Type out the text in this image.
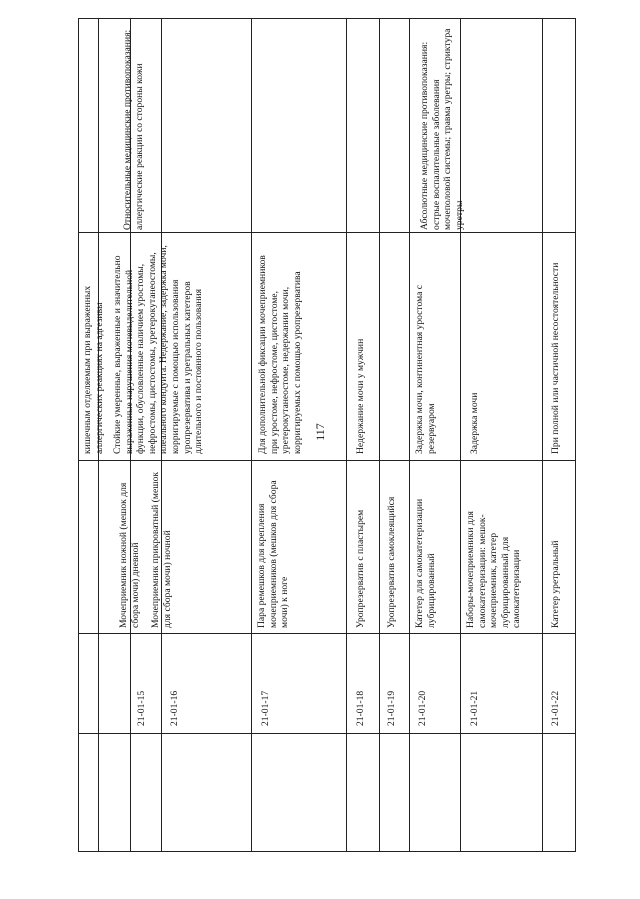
117
кишечным отделяемым при выраженных аллергических реакциях на адгезивы
21-01-15
Мочеприемник ножной (мешок для сбора мочи) дневной
Стойкие умеренные, выраженные и значительно выраженные нарушения мочевыделительной функции, обусловленные наличием уростомы, нефростомы, цистостомы, уретерокутанеостомы, илеального кондуита. Недержание, задержка мочи, корригируемые с помощью использования уропрезерватива и уретральных катетеров длительного и постоянного пользования
Относительные медицинские противопоказания: аллергические реакции со стороны кожи
21-01-16
Мочеприемник прикроватный (мешок для сбора мочи) ночной
21-01-17
Пара ремешков для крепления мочеприемников (мешков для сбора мочи) к ноге
Для дополнительной фиксации мочеприемников при уростоме, нефростоме, цистостоме, уретерокутанеостоме, недержании мочи, корригируемых с помощью уропрезерватива
21-01-18
Уропрезерватив с пластырем
Недержание мочи у мужчин
21-01-19
Уропрезерватив самоклеящийся
21-01-20
Катетер для самокатетеризации лубрицированный
Задержка мочи, континентная уростома с резервуаром
Абсолютные медицинские противопоказания: острые воспалительные заболевания мочеполовой системы; травма уретры; стриктура уретры
21-01-21
Наборы-мочеприемники для самокатетеризации: мешок-мочеприемник, катетер лубрицированный для самокатетеризации
Задержка мочи
21-01-22
Катетер уретральный
При полной или частичной несостоятельности
